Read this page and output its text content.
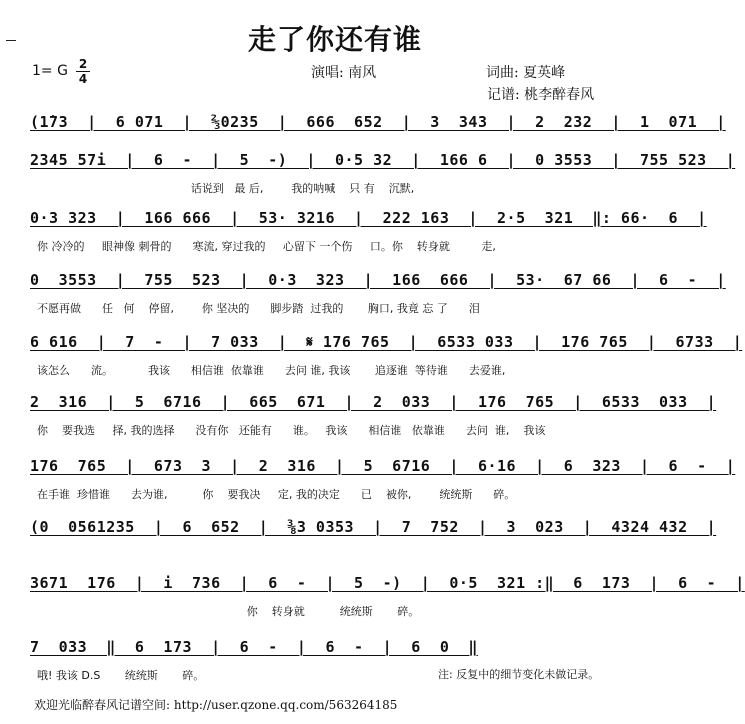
走了你还有谁
演唱: 南风	词曲: 夏英峰
记谱: 桃李醉春风
1= G 2
4
(1̇73  |  6 071  |  ⅔0235  |  666  652  |  3  343  |  2  232  |  1  071  |
2345 57i  |  6  -  |  5  -)  |  0·5 32  |  166 6  |  0 3553  |  755 523  |
话说到   最 后,        我的呐喊    只 有    沉默,
0·3 323  |  166 666  |  53· 3216  |  222 163  |  2·5  321  ‖: 66·  6  |
你 冷冷的     眼神像 刺骨的      寒流, 穿过我的     心留下 一个伤     口。你    转身就         走,
0  3553  |  755  523  |  0·3  323  |  166  666  |  53·  67 66  |  6  -  |
不愿再做      任   何    停留,        你 坚决的      脚步踏  过我的       胸口, 我竟 忘 了      泪
6 616  |  7  -  |  7 033  |  𝄋 176 765  |  6533 033  |  176 765  |  6733  |
该怎么      流。          我该      相信谁  依靠谁      去问 谁, 我该       追逐谁  等待谁      去爱谁,
2  316  |  5  6716  |  665  671  |  2  033  |  176  765  |  6533  033  |
你    要我选     择, 我的选择      没有你   还能有      谁。   我该      相信谁   依靠谁      去问  谁,    我该
176  765  |  673  3  |  2  316  |  5  6716  |  6·16  |  6  323  |  6  -  |
在手谁  珍惜谁      去为谁,          你    要我决     定, 我的决定      已    被你,        统统斯      碎。
(0  0561235  |  6  652  |  ⅜3 0353  |  7  752  |  3  023  |  4324 432  |
3671  176  |  i  736  |  6  -  |  5  -)  |  0·5  321 :‖  6  173  |  6  -  |
你    转身就          统统斯       碎。
7  033  ‖  6  173  |  6  -  |  6  -  |  6  0  ‖
哦! 我该 D.S       统统斯       碎。	注: 反复中的细节变化未做记录。
欢迎光临醉春风记谱空间: http://user.qzone.qq.com/563264185
